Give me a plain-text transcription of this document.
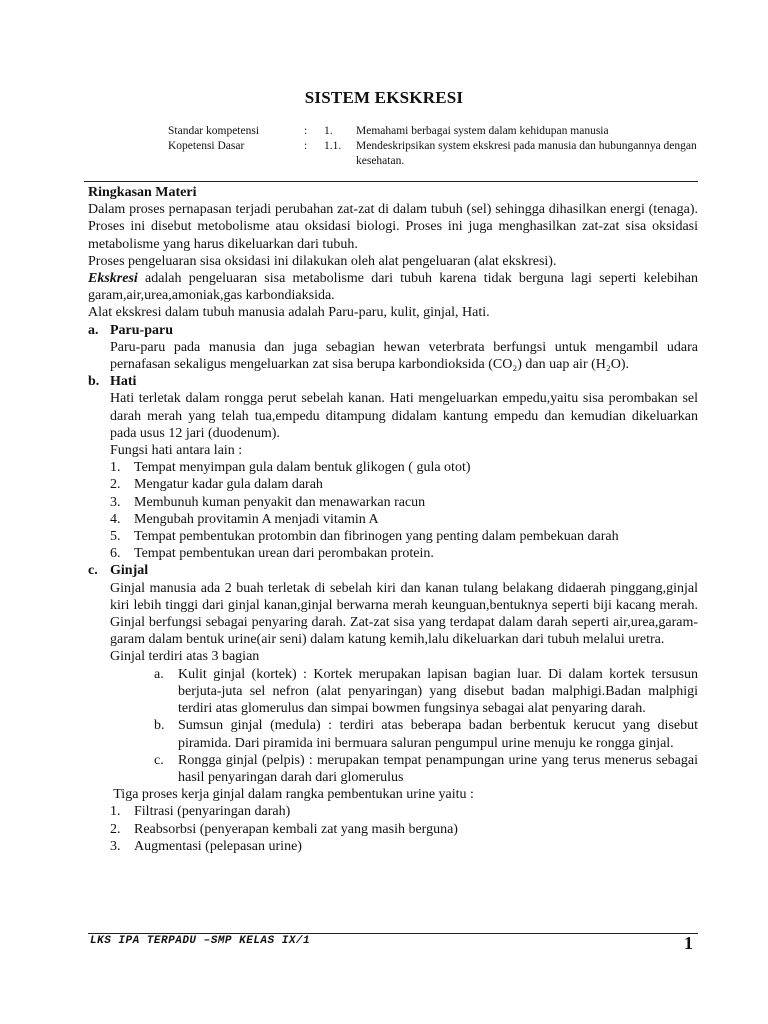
SISTEM EKSKRESI
Standar kompetensi	:	1.	Memahami berbagai system dalam kehidupan manusia
Kopetensi Dasar	:	1.1.	Mendeskripsikan system ekskresi pada manusia dan hubungannya dengan kesehatan.
Ringkasan Materi
Dalam proses pernapasan terjadi perubahan zat-zat di dalam tubuh (sel) sehingga dihasilkan energi (tenaga). Proses ini disebut metobolisme atau oksidasi biologi. Proses ini juga menghasilkan zat-zat sisa oksidasi metabolisme yang harus dikeluarkan dari tubuh.
Proses pengeluaran sisa oksidasi ini dilakukan oleh alat pengeluaran (alat ekskresi).
Ekskresi adalah pengeluaran sisa metabolisme dari tubuh karena tidak berguna lagi seperti kelebihan garam,air,urea,amoniak,gas karbondiaksida.
Alat ekskresi dalam tubuh manusia adalah Paru-paru, kulit, ginjal, Hati.
a. Paru-paru
Paru-paru pada manusia dan juga sebagian hewan veterbrata berfungsi untuk mengambil udara pernafasan sekaligus mengeluarkan zat sisa berupa karbondioksida (CO₂) dan uap air (H₂O).
b. Hati
Hati terletak dalam rongga perut sebelah kanan. Hati mengeluarkan empedu,yaitu sisa perombakan sel darah merah yang telah tua,empedu ditampung didalam kantung empedu dan kemudian dikeluarkan pada usus 12 jari (duodenum).
Fungsi hati antara lain :
1. Tempat menyimpan gula dalam bentuk glikogen ( gula otot)
2. Mengatur kadar gula dalam darah
3. Membunuh kuman penyakit dan menawarkan racun
4. Mengubah provitamin A menjadi vitamin A
5. Tempat pembentukan protombin dan fibrinogen yang penting dalam pembekuan darah
6. Tempat pembentukan urean dari perombakan protein.
c. Ginjal
Ginjal manusia ada 2 buah terletak di sebelah kiri dan kanan tulang belakang didaerah pinggang,ginjal kiri lebih tinggi dari ginjal kanan,ginjal berwarna merah keunguan,bentuknya seperti biji kacang merah. Ginjal berfungsi sebagai penyaring darah. Zat-zat sisa yang terdapat dalam darah seperti air,urea,garam-garam dalam bentuk urine(air seni) dalam katung kemih,lalu dikeluarkan dari tubuh melalui uretra.
Ginjal terdiri atas 3 bagian
a.	Kulit ginjal (kortek) : Kortek merupakan lapisan bagian luar. Di dalam kortek tersusun berjuta-juta sel nefron (alat penyaringan) yang disebut badan malphigi.Badan malphigi terdiri atas glomerulus dan simpai bowmen fungsinya sebagai alat penyaring darah.
b. Sumsun ginjal (medula) : terdiri atas beberapa badan berbentuk kerucut yang disebut piramida. Dari piramida ini bermuara saluran pengumpul urine menuju ke rongga ginjal.
c.	Rongga ginjal (pelpis) : merupakan tempat penampungan urine yang terus menerus sebagai hasil penyaringan darah dari glomerulus
Tiga proses kerja ginjal dalam rangka pembentukan urine yaitu :
1. Filtrasi (penyaringan darah)
2. Reabsorbsi (penyerapan kembali zat yang masih berguna)
3. Augmentasi (pelepasan urine)
LKS IPA TERPADU –SMP KELAS IX/1	1
